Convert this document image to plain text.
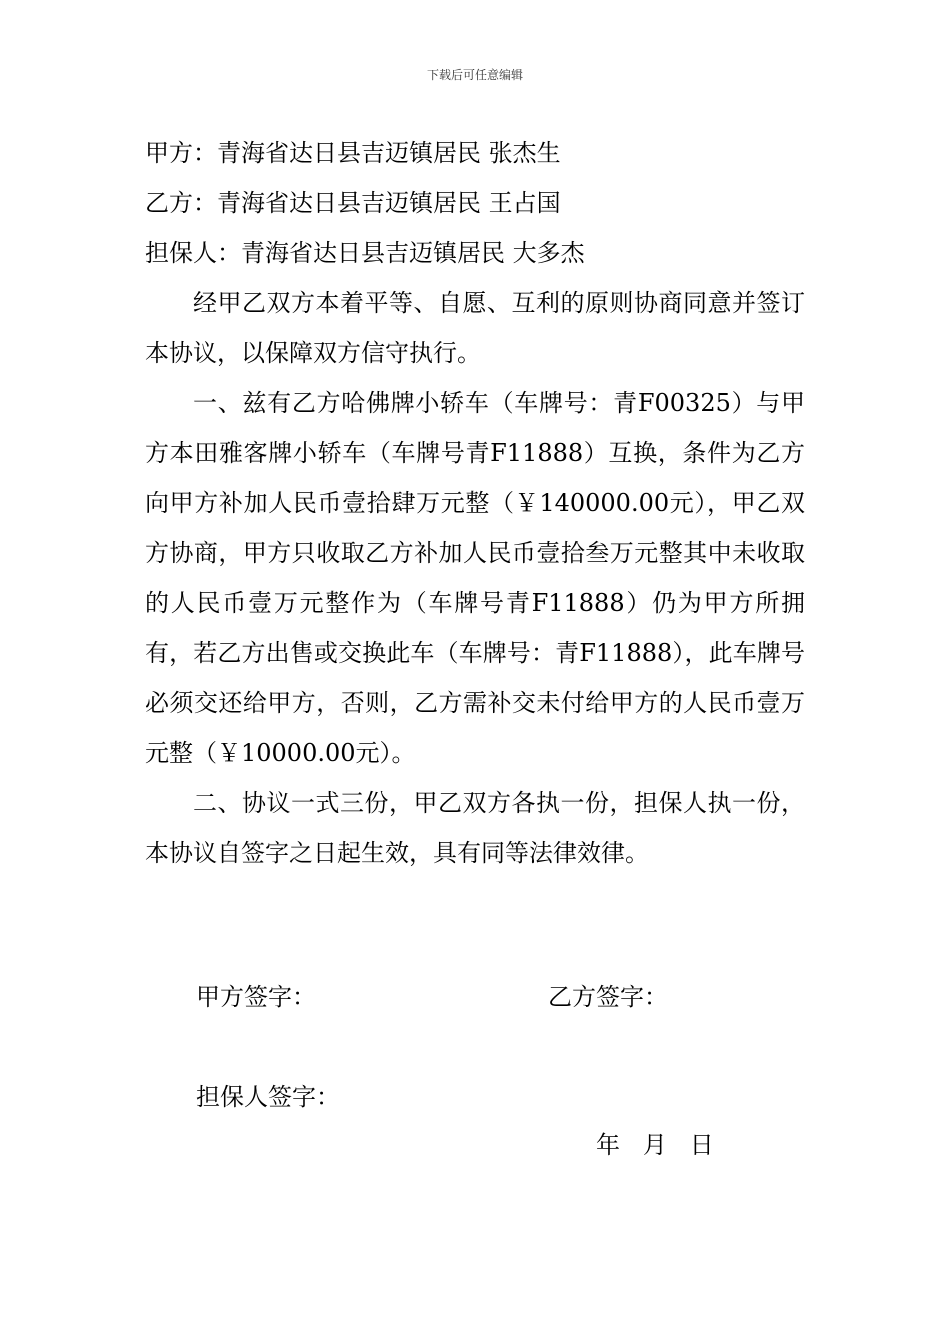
下载后可任意编辑
甲方：青海省达日县吉迈镇居民 张杰生
乙方：青海省达日县吉迈镇居民 王占国
担保人：青海省达日县吉迈镇居民 大多杰

经甲乙双方本着平等、自愿、互利的原则协商同意并签订本协议，以保障双方信守执行。

一、兹有乙方哈佛牌小轿车（车牌号：青F00325）与甲方本田雅客牌小轿车（车牌号青F11888）互换，条件为乙方向甲方补加人民币壹拾肆万元整（￥140000.00元），甲乙双方协商，甲方只收取乙方补加人民币壹拾叁万元整其中未收取的人民币壹万元整作为（车牌号青F11888）仍为甲方所拥有，若乙方出售或交换此车（车牌号：青F11888），此车牌号必须交还给甲方，否则，乙方需补交未付给甲方的人民币壹万元整（￥10000.00元）。

二、协议一式三份，甲乙双方各执一份，担保人执一份，本协议自签字之日起生效，具有同等法律效律。

甲方签字：	乙方签字：
担保人签字：
年   月   日
